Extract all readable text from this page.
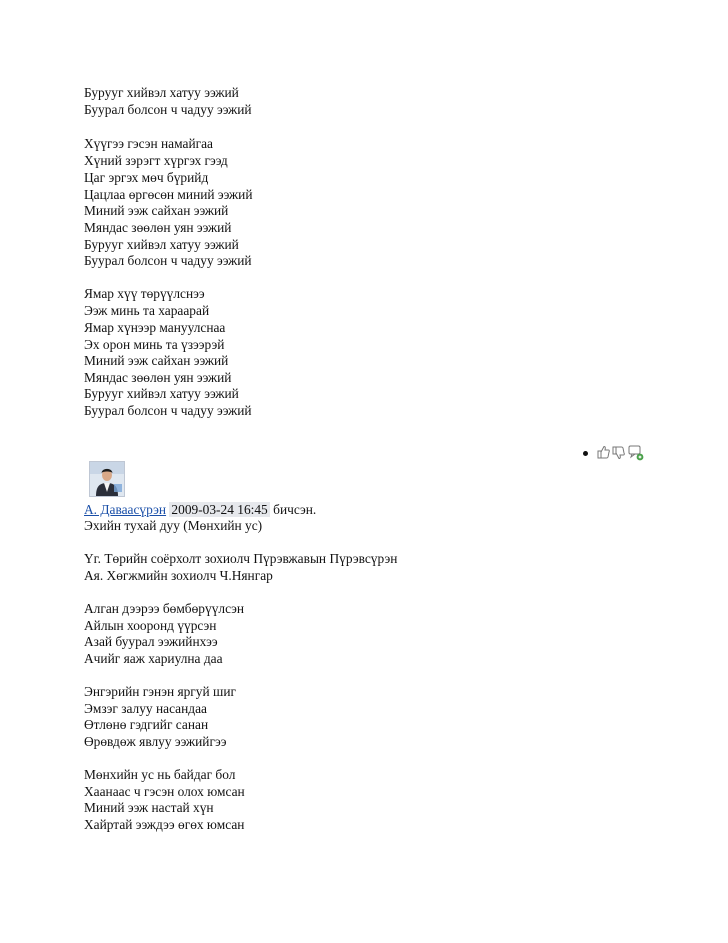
Бурууг хийвэл хатуу ээжий
Буурал болсон ч чадуу ээжий
Хүүгээ гэсэн намайгаа
Хүний зэрэгт хүргэх гээд
Цаг эргэх мөч бүрийд
Цацлаа өргөсөн миний ээжий
Миний ээж сайхан ээжий
Мяндас зөөлөн уян ээжий
Бурууг хийвэл хатуу ээжий
Буурал болсон ч чадуу ээжий
Ямар хүү төрүүлснээ
Ээж минь та харaарай
Ямар хүнээр мануулснаа
Эх орон минь та үзээрэй
Миний ээж сайхан ээжий
Мяндас зөөлөн уян ээжий
Бурууг хийвэл хатуу ээжий
Буурал болсон ч чадуу ээжий
А. Даваасүрэн 2009-03-24 16:45 бичсэн.
Эхийн тухай дуу (Мөнхийн ус)
Үг. Төрийн соёрхолт зохиолч Пүрэвжавын Пүрэвсүрэн
Ая. Хөгжмийн зохиолч Ч.Нянгар
Алган дээрээ бөмбөрүүлсэн
Айлын хооронд үүрсэн
Азай буурал ээжийнхээ
Ачийг яаж хариулна даа
Энгэрийн гэнэн яргуй шиг
Эмзэг залуу насандаа
Өтлөнө гэдгийг санан
Өрөвдөж явлуу ээжийгээ
Мөнхийн ус нь байдаг бол
Хаанаас ч гэсэн олох юмсан
Миний ээж настай хүн
Хайртай ээждээ өгөх юмсан
